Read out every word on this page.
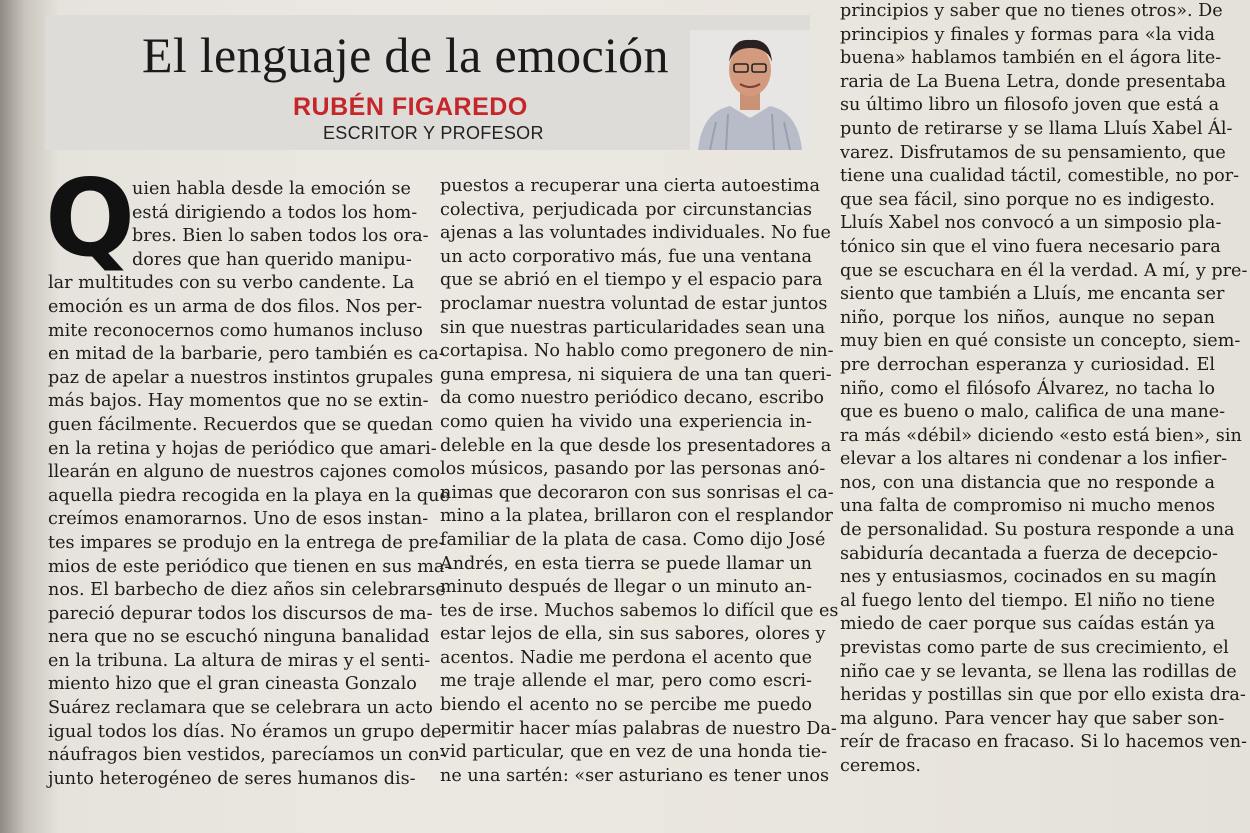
El lenguaje de la emoción
RUBÉN FIGAREDO
ESCRITOR Y PROFESOR
Q
uien habla desde la emoción se
está dirigiendo a todos los hom-
bres. Bien lo saben todos los ora-
dores que han querido manipu-
lar multitudes con su verbo candente. La
emoción es un arma de dos filos. Nos per-
mite reconocernos como humanos incluso
en mitad de la barbarie, pero también es ca-
paz de apelar a nuestros instintos grupales
más bajos. Hay momentos que no se extin-
guen fácilmente. Recuerdos que se quedan
en la retina y hojas de periódico que amari-
llearán en alguno de nuestros cajones como
aquella piedra recogida en la playa en la que
creímos enamorarnos. Uno de esos instan-
tes impares se produjo en la entrega de pre-
mios de este periódico que tienen en sus ma-
nos. El barbecho de diez años sin celebrarse
pareció depurar todos los discursos de ma-
nera que no se escuchó ninguna banalidad
en la tribuna. La altura de miras y el senti-
miento hizo que el gran cineasta Gonzalo
Suárez reclamara que se celebrara un acto
igual todos los días. No éramos un grupo de
náufragos bien vestidos, parecíamos un con-
junto heterogéneo de seres humanos dis-
puestos a recuperar una cierta autoestima
colectiva, perjudicada por circunstancias
ajenas a las voluntades individuales. No fue
un acto corporativo más, fue una ventana
que se abrió en el tiempo y el espacio para
proclamar nuestra voluntad de estar juntos
sin que nuestras particularidades sean una
cortapisa. No hablo como pregonero de nin-
guna empresa, ni siquiera de una tan queri-
da como nuestro periódico decano, escribo
como quien ha vivido una experiencia in-
deleble en la que desde los presentadores a
los músicos, pasando por las personas anó-
nimas que decoraron con sus sonrisas el ca-
mino a la platea, brillaron con el resplandor
familiar de la plata de casa. Como dijo José
Andrés, en esta tierra se puede llamar un
minuto después de llegar o un minuto an-
tes de irse. Muchos sabemos lo difícil que es
estar lejos de ella, sin sus sabores, olores y
acentos. Nadie me perdona el acento que
me traje allende el mar, pero como escri-
biendo el acento no se percibe me puedo
permitir hacer mías palabras de nuestro Da-
vid particular, que en vez de una honda tie-
ne una sartén: «ser asturiano es tener unos
principios y saber que no tienes otros». De
principios y finales y formas para «la vida
buena» hablamos también en el ágora lite-
raria de La Buena Letra, donde presentaba
su último libro un filosofo joven que está a
punto de retirarse y se llama Lluís Xabel Ál-
varez. Disfrutamos de su pensamiento, que
tiene una cualidad táctil, comestible, no por-
que sea fácil, sino porque no es indigesto.
Lluís Xabel nos convocó a un simposio pla-
tónico sin que el vino fuera necesario para
que se escuchara en él la verdad. A mí, y pre-
siento que también a Lluís, me encanta ser
niño, porque los niños, aunque no sepan
muy bien en qué consiste un concepto, siem-
pre derrochan esperanza y curiosidad. El
niño, como el filósofo Álvarez, no tacha lo
que es bueno o malo, califica de una mane-
ra más «débil» diciendo «esto está bien», sin
elevar a los altares ni condenar a los infier-
nos, con una distancia que no responde a
una falta de compromiso ni mucho menos
de personalidad. Su postura responde a una
sabiduría decantada a fuerza de decepcio-
nes y entusiasmos, cocinados en su magín
al fuego lento del tiempo. El niño no tiene
miedo de caer porque sus caídas están ya
previstas como parte de sus crecimiento, el
niño cae y se levanta, se llena las rodillas de
heridas y postillas sin que por ello exista dra-
ma alguno. Para vencer hay que saber son-
reír de fracaso en fracaso. Si lo hacemos ven-
ceremos.
